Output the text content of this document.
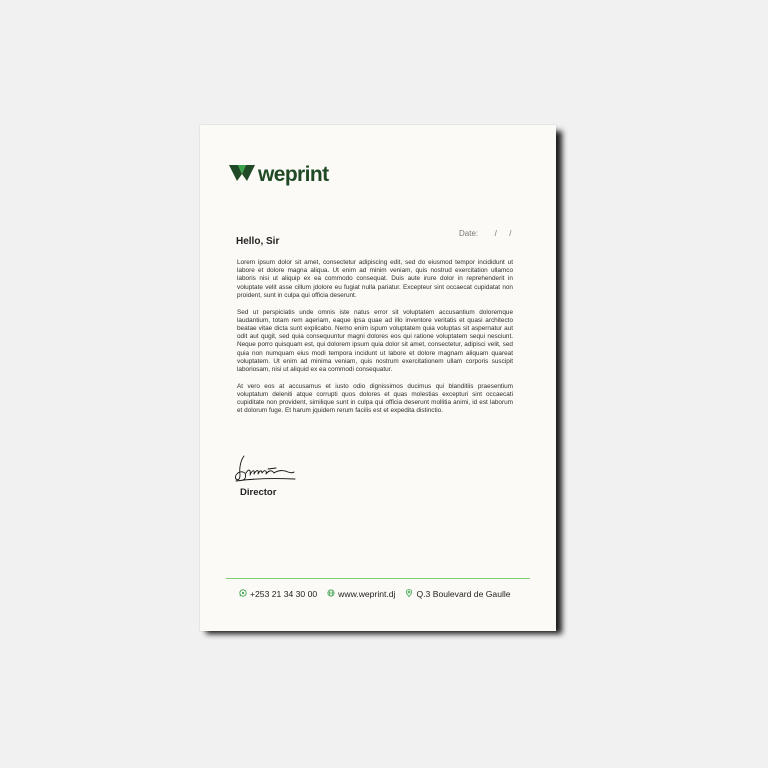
weprint
Date: / /
Hello, Sir

Lorem ipsum dolor sit amet, consectetur adipiscing edit, sed do eiusmod tempor incididunt ut labore et dolore magna aliqua. Ut enim ad minim veniam, quis nostrud exercitation ullamco laboris nisi ut aliquip ex ea commodo consequat. Duis aute irure dolor in reprehenderit in voluptate velit asse cillum jdolore eu fugiat nulla pariatur. Excepteur sint occaecat cupidatat non proident, sunt in culpa qui officia deserunt.

Sed ut perspiciatis unde omnis iste natus error sit voluptatem accusantium doloremque laudantium, totam rem aqeriam, eaque ipsa quae ad illo inventore veritatis et quasi architecto beatae vitae dicta sunt explicabo. Nemo enim ispum voluptatem quia voluptas sit aspernatur aut odit aut qugit, sed quia consequuntur magni dolores eos qui ratione voluptatem sequi nesciunt. Neque porro quisquam est, qui dolorem ipsum quia dolor sit amet, consectetur, adipisci velit, sed quia non numquam eius modi tempora incidunt ut labore et dolore magnam aliquam quareat voluptatem. Ut enim ad minima veniam, quis nostrum exercitationem ullam corporis suscipit laboriosam, nisi ut aliquid ex ea commodi consequatur.

At vero eos at accusamus et iusto odio dignissimos ducimus qui blanditiis praesentium voluptatum deleniti atque corrupti quos dolores et quas molestias excepturi sint occaecati cupiditate non provident, similique sunt in culpa qui officia deserunt mollitia animi, id est laborum et dolorum fuge. Et harum jquidem rerum facilis est et expedita distinctio.

Director
+253 21 34 30 00 www.weprint.dj Q.3 Boulevard de Gaulle
